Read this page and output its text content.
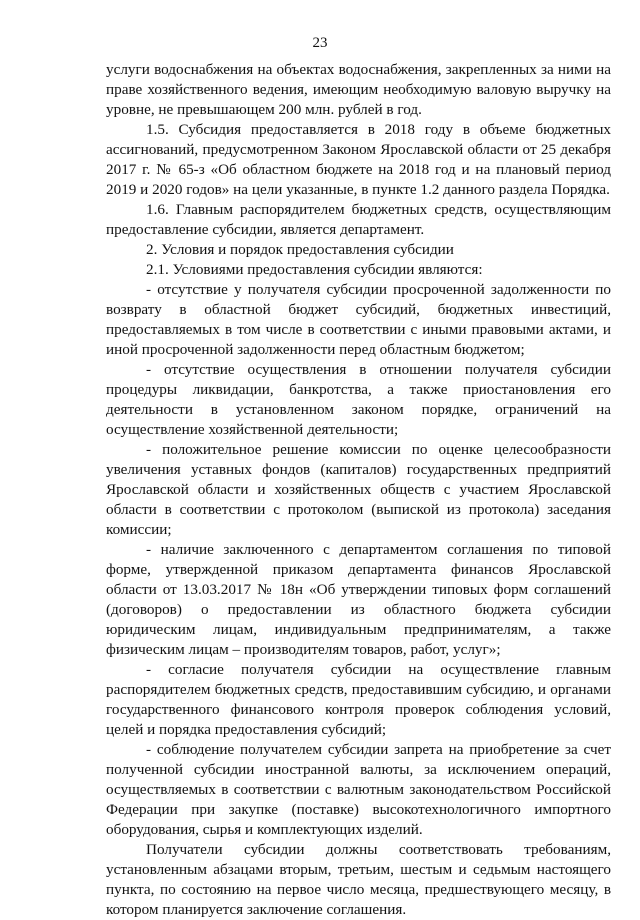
23

услуги водоснабжения на объектах водоснабжения, закрепленных за ними на праве хозяйственного ведения, имеющим необходимую валовую выручку на уровне, не превышающем 200 млн. рублей в год.

1.5. Субсидия предоставляется в 2018 году в объеме бюджетных ассигнований, предусмотренном Законом Ярославской области от 25 декабря 2017 г. № 65-з «Об областном бюджете на 2018 год и на плановый период 2019 и 2020 годов» на цели указанные, в пункте 1.2 данного раздела Порядка.

1.6. Главным распорядителем бюджетных средств, осуществляющим предоставление субсидии, является департамент.

2. Условия и порядок предоставления субсидии

2.1. Условиями предоставления субсидии являются:

- отсутствие у получателя субсидии просроченной задолженности по возврату в областной бюджет субсидий, бюджетных инвестиций, предоставляемых в том числе в соответствии с иными правовыми актами, и иной просроченной задолженности перед областным бюджетом;

- отсутствие осуществления в отношении получателя субсидии процедуры ликвидации, банкротства, а также приостановления его деятельности в установленном законом порядке, ограничений на осуществление хозяйственной деятельности;

- положительное решение комиссии по оценке целесообразности увеличения уставных фондов (капиталов) государственных предприятий Ярославской области и хозяйственных обществ с участием Ярославской области в соответствии с протоколом (выпиской из протокола) заседания комиссии;

- наличие заключенного с департаментом соглашения по типовой форме, утвержденной приказом департамента финансов Ярославской области от 13.03.2017 № 18н «Об утверждении типовых форм соглашений (договоров) о предоставлении из областного бюджета субсидии юридическим лицам, индивидуальным предпринимателям, а также физическим лицам – производителям товаров, работ, услуг»;

- согласие получателя субсидии на осуществление главным распорядителем бюджетных средств, предоставившим субсидию, и органами государственного финансового контроля проверок соблюдения условий, целей и порядка предоставления субсидий;

- соблюдение получателем субсидии запрета на приобретение за счет полученной субсидии иностранной валюты, за исключением операций, осуществляемых в соответствии с валютным законодательством Российской Федерации при закупке (поставке) высокотехнологичного импортного оборудования, сырья и комплектующих изделий.

Получатели субсидии должны соответствовать требованиям, установленным абзацами вторым, третьим, шестым и седьмым настоящего пункта, по состоянию на первое число месяца, предшествующего месяцу, в котором планируется заключение соглашения.
